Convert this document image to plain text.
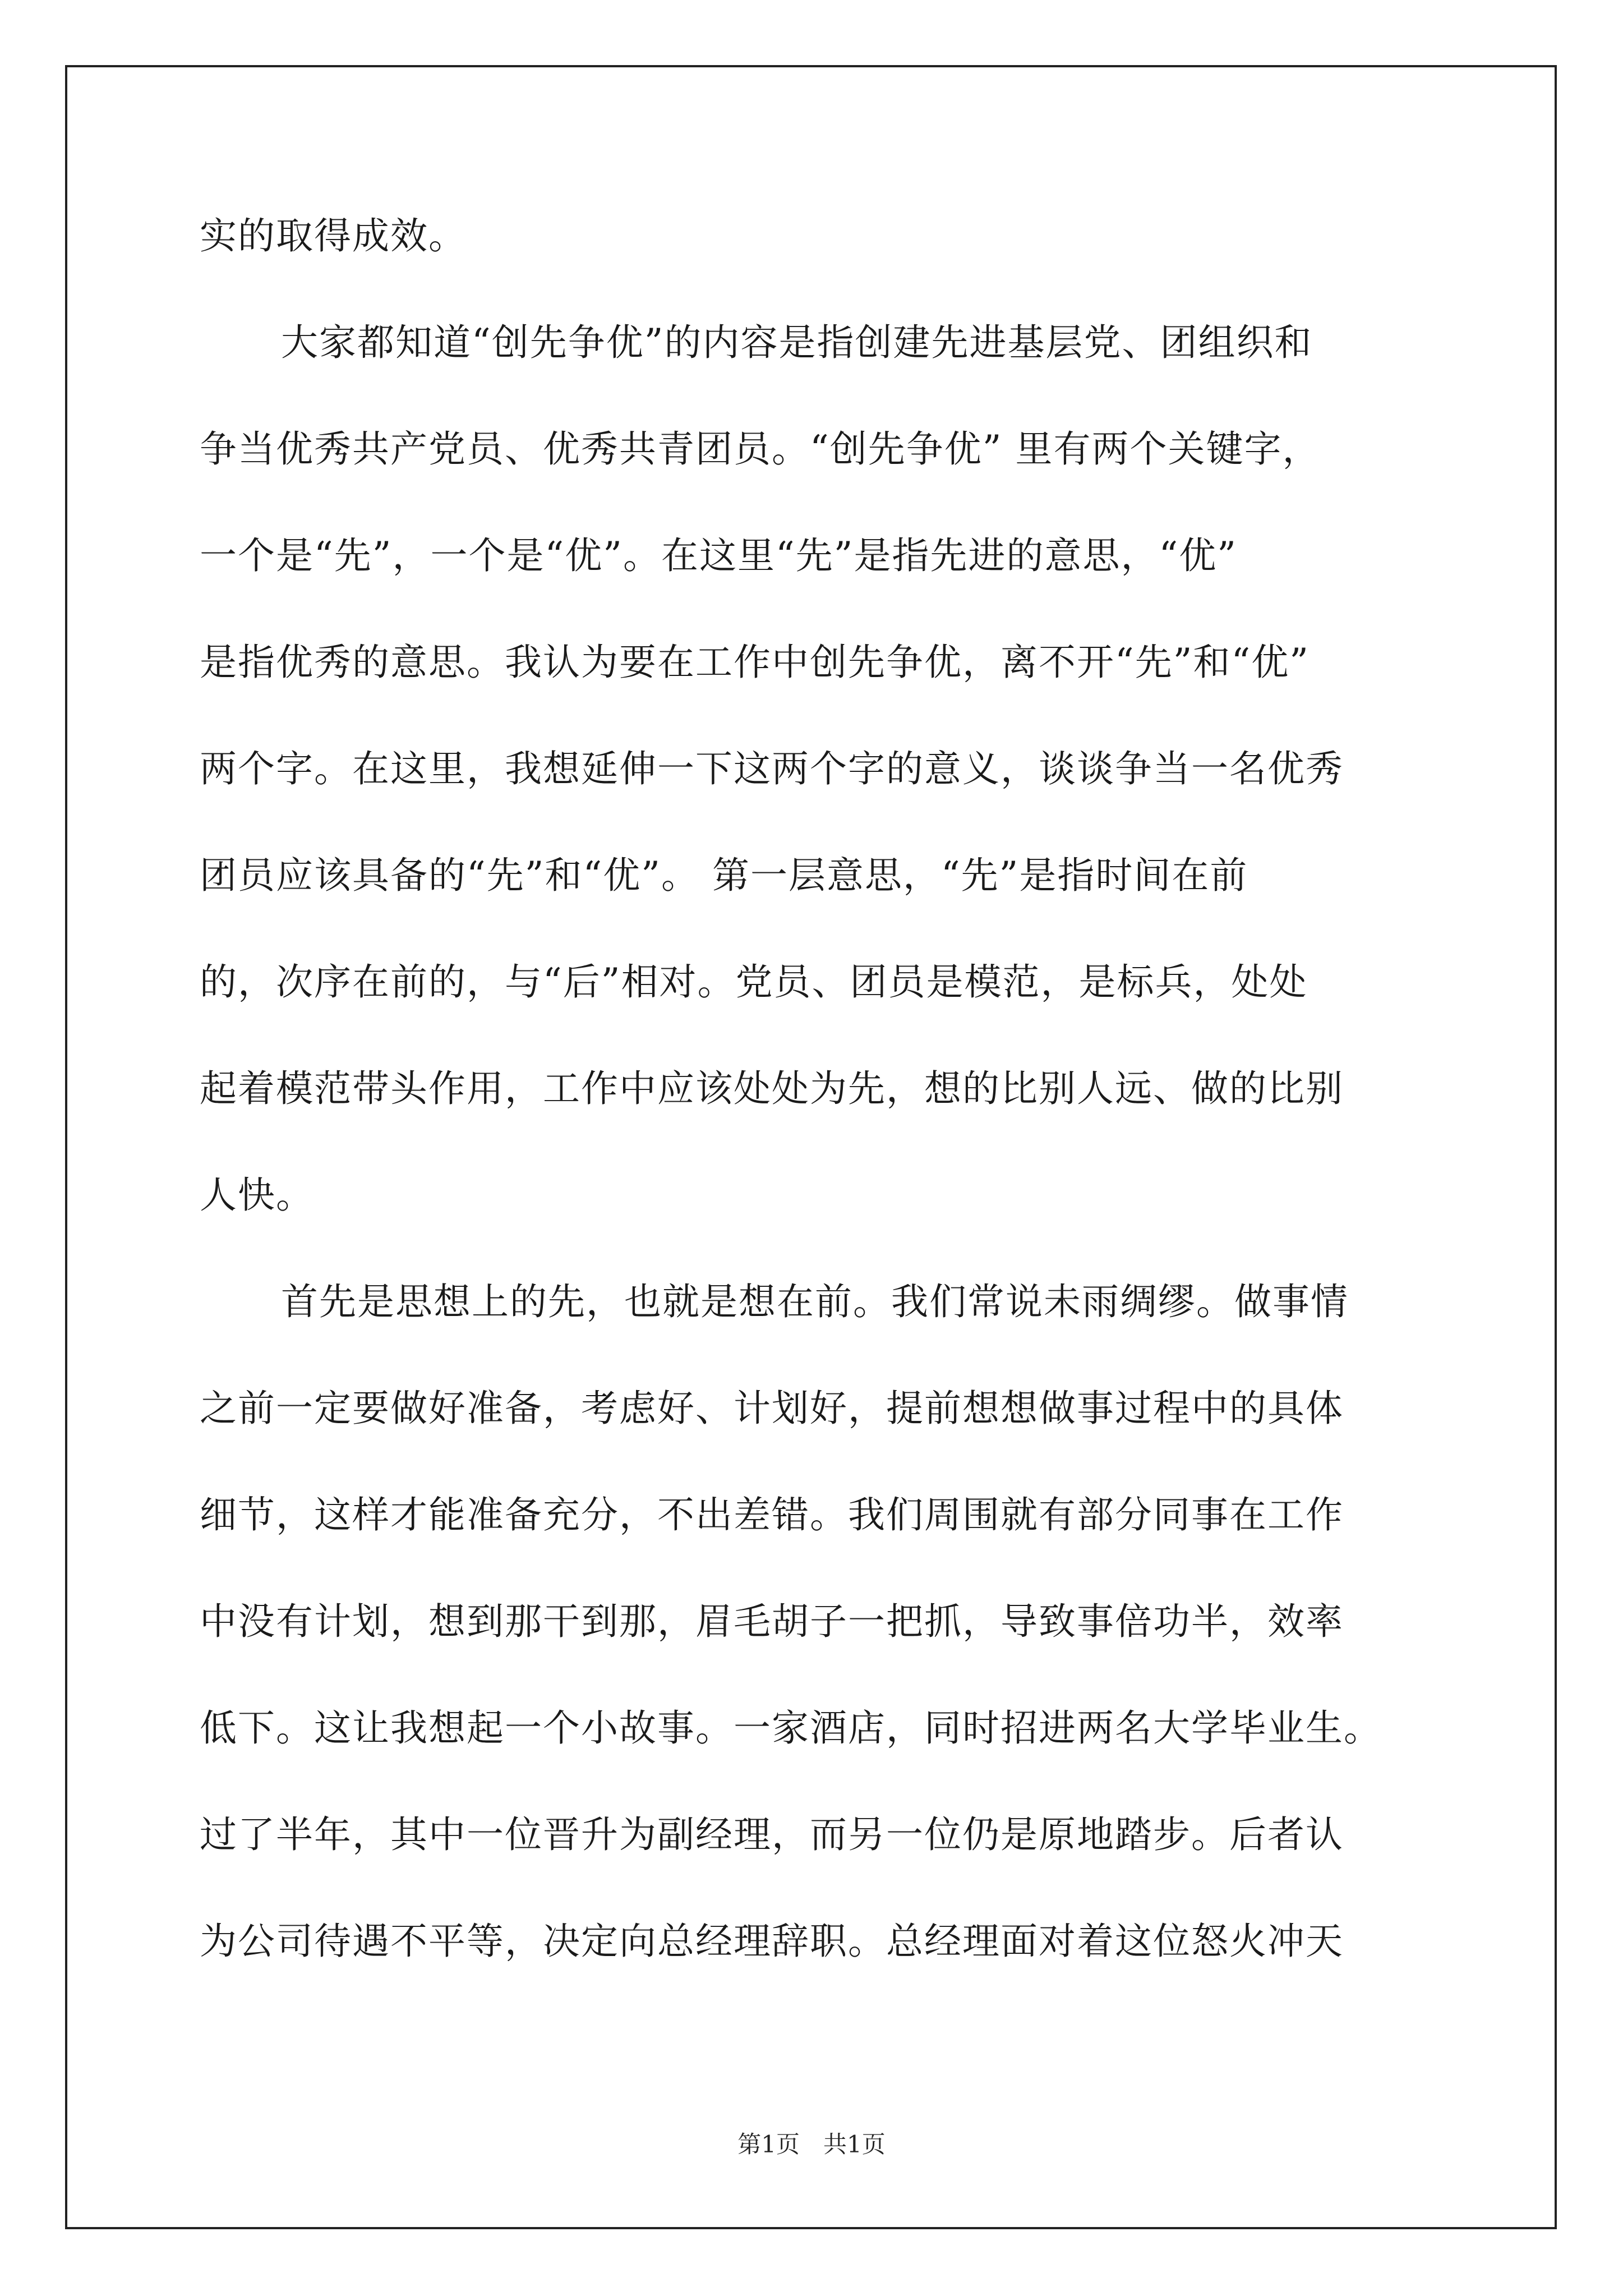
实的取得成效。
大家都知道“创先争优”的内容是指创建先进基层党、团组织和
争当优秀共产党员、优秀共青团员。“创先争优” 里有两个关键字，
一个是“先”，一个是“优”。在这里“先”是指先进的意思，“优”
是指优秀的意思。我认为要在工作中创先争优，离不开“先”和“优”
两个字。在这里，我想延伸一下这两个字的意义，谈谈争当一名优秀
团员应该具备的“先”和“优”。 第一层意思，“先”是指时间在前
的，次序在前的，与“后”相对。党员、团员是模范，是标兵，处处
起着模范带头作用，工作中应该处处为先，想的比别人远、做的比别
人快。
首先是思想上的先，也就是想在前。我们常说未雨绸缪。做事情
之前一定要做好准备，考虑好、计划好，提前想想做事过程中的具体
细节，这样才能准备充分，不出差错。我们周围就有部分同事在工作
中没有计划，想到那干到那，眉毛胡子一把抓，导致事倍功半，效率
低下。这让我想起一个小故事。一家酒店，同时招进两名大学毕业生。
过了半年，其中一位晋升为副经理，而另一位仍是原地踏步。后者认
为公司待遇不平等，决定向总经理辞职。总经理面对着这位怒火冲天
第1页　共1页
